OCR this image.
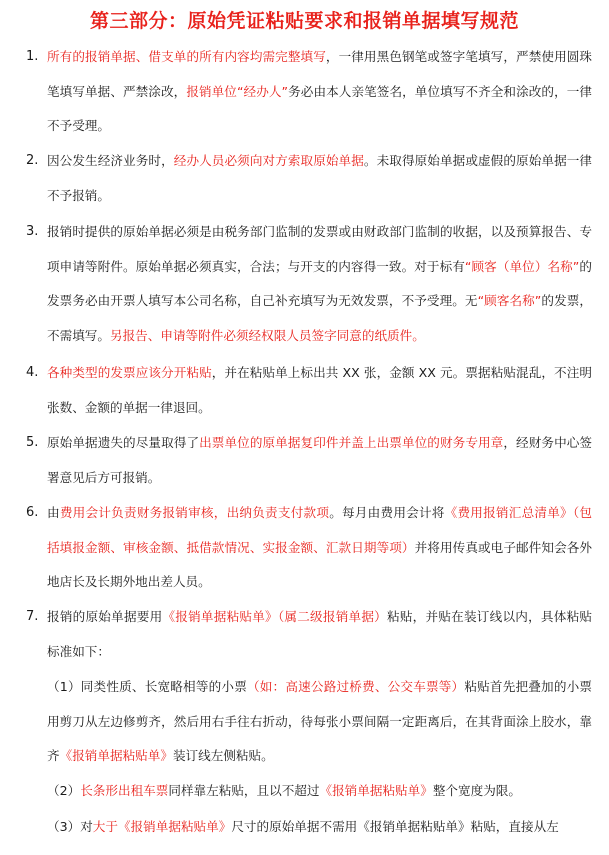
第三部分：原始凭证粘贴要求和报销单据填写规范
1. 所有的报销单据、借支单的所有内容均需完整填写，一律用黑色钢笔或签字笔填写，严禁使用圆珠笔填写单据、严禁涂改，报销单位“经办人”务必由本人亲笔签名，单位填写不齐全和涂改的，一律不予受理。
2. 因公发生经济业务时，经办人员必须向对方索取原始单据。未取得原始单据或虚假的原始单据一律不予报销。
3. 报销时提供的原始单据必须是由税务部门监制的发票或由财政部门监制的收据，以及预算报告、专项申请等附件。原始单据必须真实，合法；与开支的内容得一致。对于标有“顾客（单位）名称”的发票务必由开票人填写本公司名称，自己补充填写为无效发票，不予受理。无“顾客名称”的发票，不需填写。另报告、申请等附件必须经权限人员签字同意的纸质件。
4. 各种类型的发票应该分开粘贴，并在粘贴单上标出共 XX 张，金额 XX 元。票据粘贴混乱，不注明张数、金额的单据一律退回。
5. 原始单据遗失的尽量取得了出票单位的原单据复印件并盖上出票单位的财务专用章，经财务中心签署意见后方可报销。
6. 由费用会计负责财务报销审核，出纳负责支付款项。每月由费用会计将《费用报销汇总清单》（包括填报金额、审核金额、抵借款情况、实报金额、汇款日期等项）并将用传真或电子邮件知会各外地店长及长期外地出差人员。
7. 报销的原始单据要用《报销单据粘贴单》（属二级报销单据）粘贴，并贴在装订线以内，具体粘贴标准如下：
（1）同类性质、长宽略相等的小票（如：高速公路过桥费、公交车票等）粘贴首先把叠加的小票用剪刀从左边修剪齐，然后用右手往右折动，待每张小票间隔一定距离后，在其背面涂上胶水，靠齐《报销单据粘贴单》装订线左侧粘贴。
（2）长条形出租车票同样靠左粘贴，且以不超过《报销单据粘贴单》整个宽度为限。
（3）对大于《报销单据粘贴单》尺寸的原始单据不需用《报销单据粘贴单》粘贴，直接从左
